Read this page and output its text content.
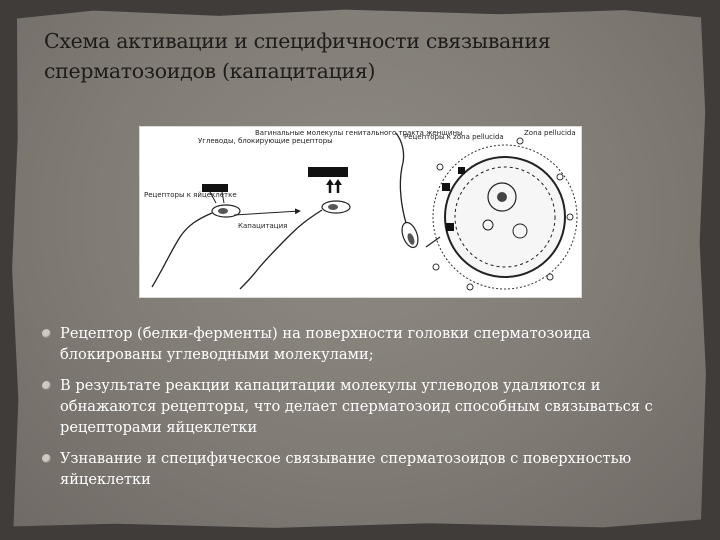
Схема активации и специфичности связывания сперматозоидов (капацитация)
Углеводы, блокирующие рецепторы
Вагинальные молекулы генитального тракта женщины
Рецепторы к яйцеклетке
Рецепторы к zona pellucida	Zona pellucida
Капацитация
Рецептор (белки-ферменты) на поверхности головки сперматозоида блокированы углеводными молекулами;
В результате реакции капацитации молекулы углеводов удаляются и обнажаются рецепторы, что делает сперматозоид способным связываться с рецепторами яйцеклетки
Узнавание и специфическое связывание сперматозоидов с поверхностью яйцеклетки
